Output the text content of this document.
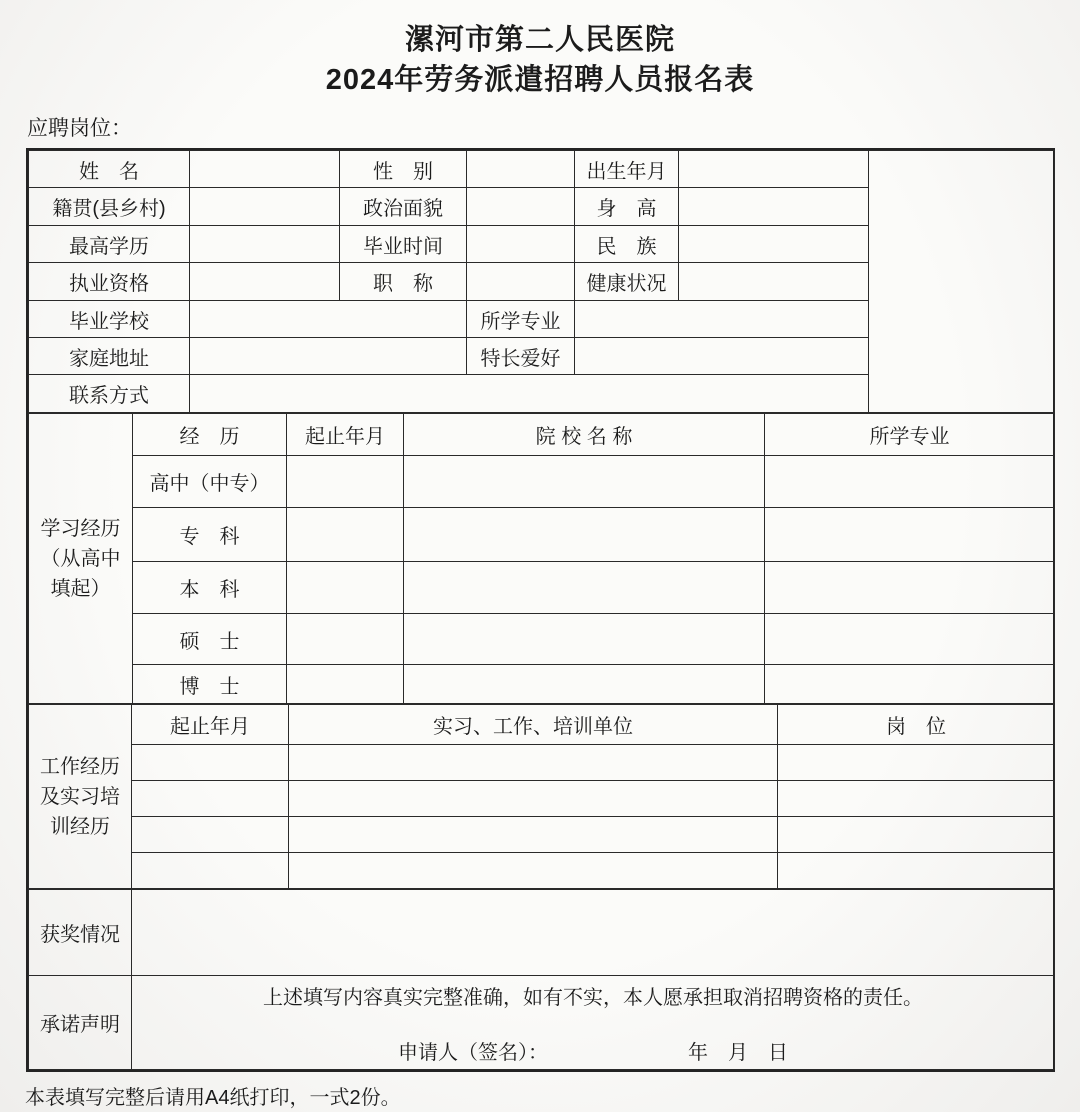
漯河市第二人民医院
2024年劳务派遣招聘人员报名表
应聘岗位：
姓　名		性　别		出生年月		
籍贯(县乡村)		政治面貌		身　高		
最高学历		毕业时间		民　族		
执业资格		职　称		健康状况		
毕业学校			所学专业			
家庭地址			特长爱好			
联系方式						
学习经历
（从高中
填起）	经　历	起止年月	院 校 名 称	所学专业
	高中（中专）			
	专　科			
	本　科			
	硕　士			
	博　士			
工作经历
及实习培
训经历	起止年月	实习、工作、培训单位	岗　位

获奖情况	
承诺声明	上述填写内容真实完整准确，如有不实，本人愿承担取消招聘资格的责任。
申请人（签名）： 年　月　日
本表填写完整后请用A4纸打印，一式2份。
